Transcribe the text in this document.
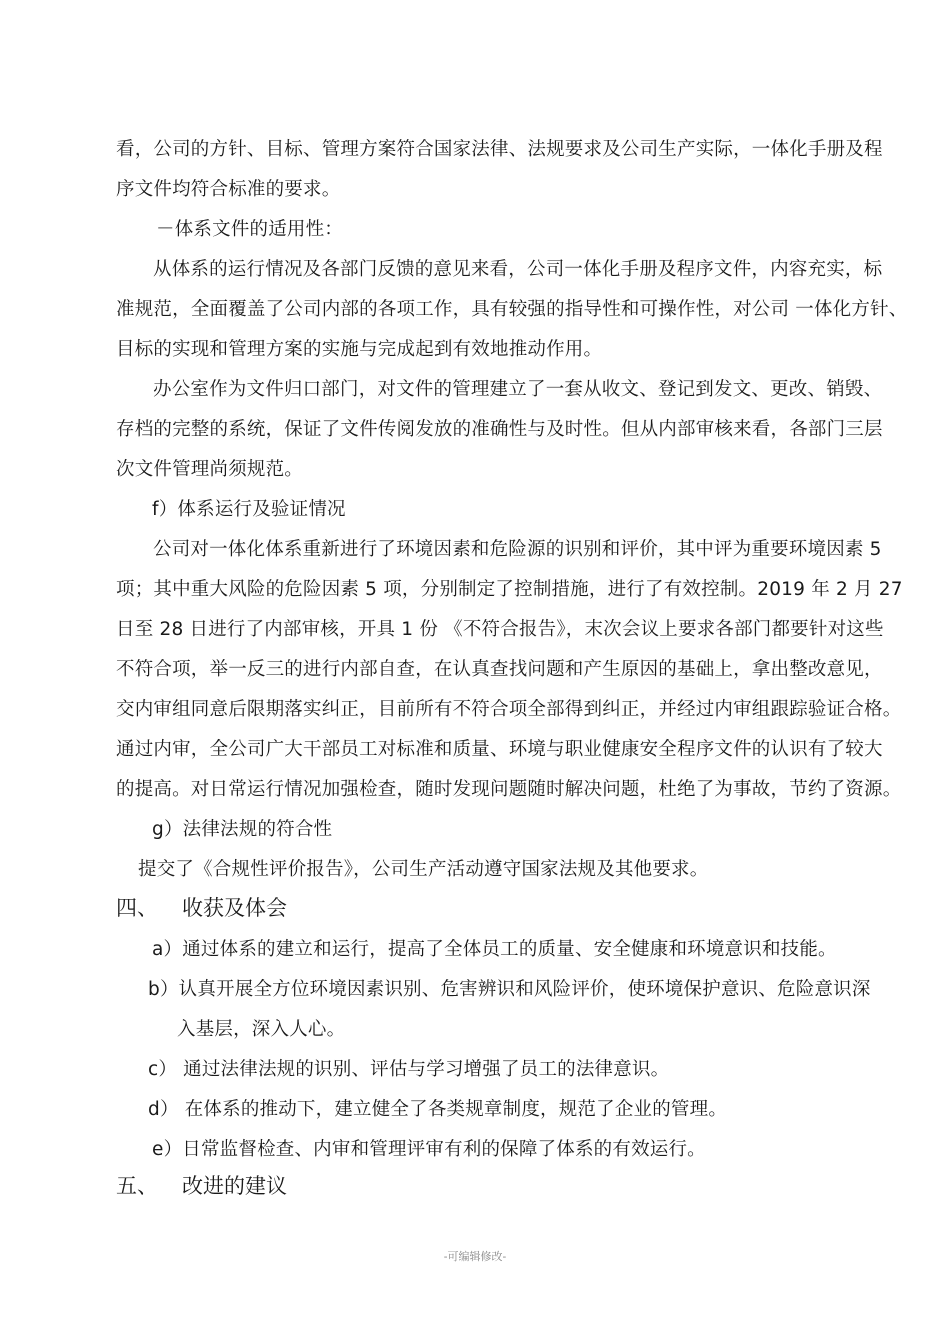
看，公司的方针、目标、管理方案符合国家法律、法规要求及公司生产实际，一体化手册及程
序文件均符合标准的要求。
－体系文件的适用性：
从体系的运行情况及各部门反馈的意见来看，公司一体化手册及程序文件，内容充实，标
准规范，全面覆盖了公司内部的各项工作，具有较强的指导性和可操作性，对公司 一体化方针、
目标的实现和管理方案的实施与完成起到有效地推动作用。
办公室作为文件归口部门，对文件的管理建立了一套从收文、登记到发文、更改、销毁、
存档的完整的系统，保证了文件传阅发放的准确性与及时性。但从内部审核来看，各部门三层
次文件管理尚须规范。
f）体系运行及验证情况
公司对一体化体系重新进行了环境因素和危险源的识别和评价，其中评为重要环境因素 5
项；其中重大风险的危险因素 5 项，分别制定了控制措施，进行了有效控制。2019 年 2 月 27
日至 28 日进行了内部审核，开具 1 份 《不符合报告》，末次会议上要求各部门都要针对这些
不符合项，举一反三的进行内部自查，在认真查找问题和产生原因的基础上，拿出整改意见，
交内审组同意后限期落实纠正，目前所有不符合项全部得到纠正，并经过内审组跟踪验证合格。
通过内审，全公司广大干部员工对标准和质量、环境与职业健康安全程序文件的认识有了较大
的提高。对日常运行情况加强检查，随时发现问题随时解决问题，杜绝了为事故，节约了资源。
g）法律法规的符合性
提交了《合规性评价报告》，公司生产活动遵守国家法规及其他要求。
四、 收获及体会
a）通过体系的建立和运行，提高了全体员工的质量、安全健康和环境意识和技能。
b）认真开展全方位环境因素识别、危害辨识和风险评价，使环境保护意识、危险意识深
入基层，深入人心。
c） 通过法律法规的识别、评估与学习增强了员工的法律意识。
d） 在体系的推动下，建立健全了各类规章制度，规范了企业的管理。
e）日常监督检查、内审和管理评审有利的保障了体系的有效运行。
五、 改进的建议
-可编辑修改-
